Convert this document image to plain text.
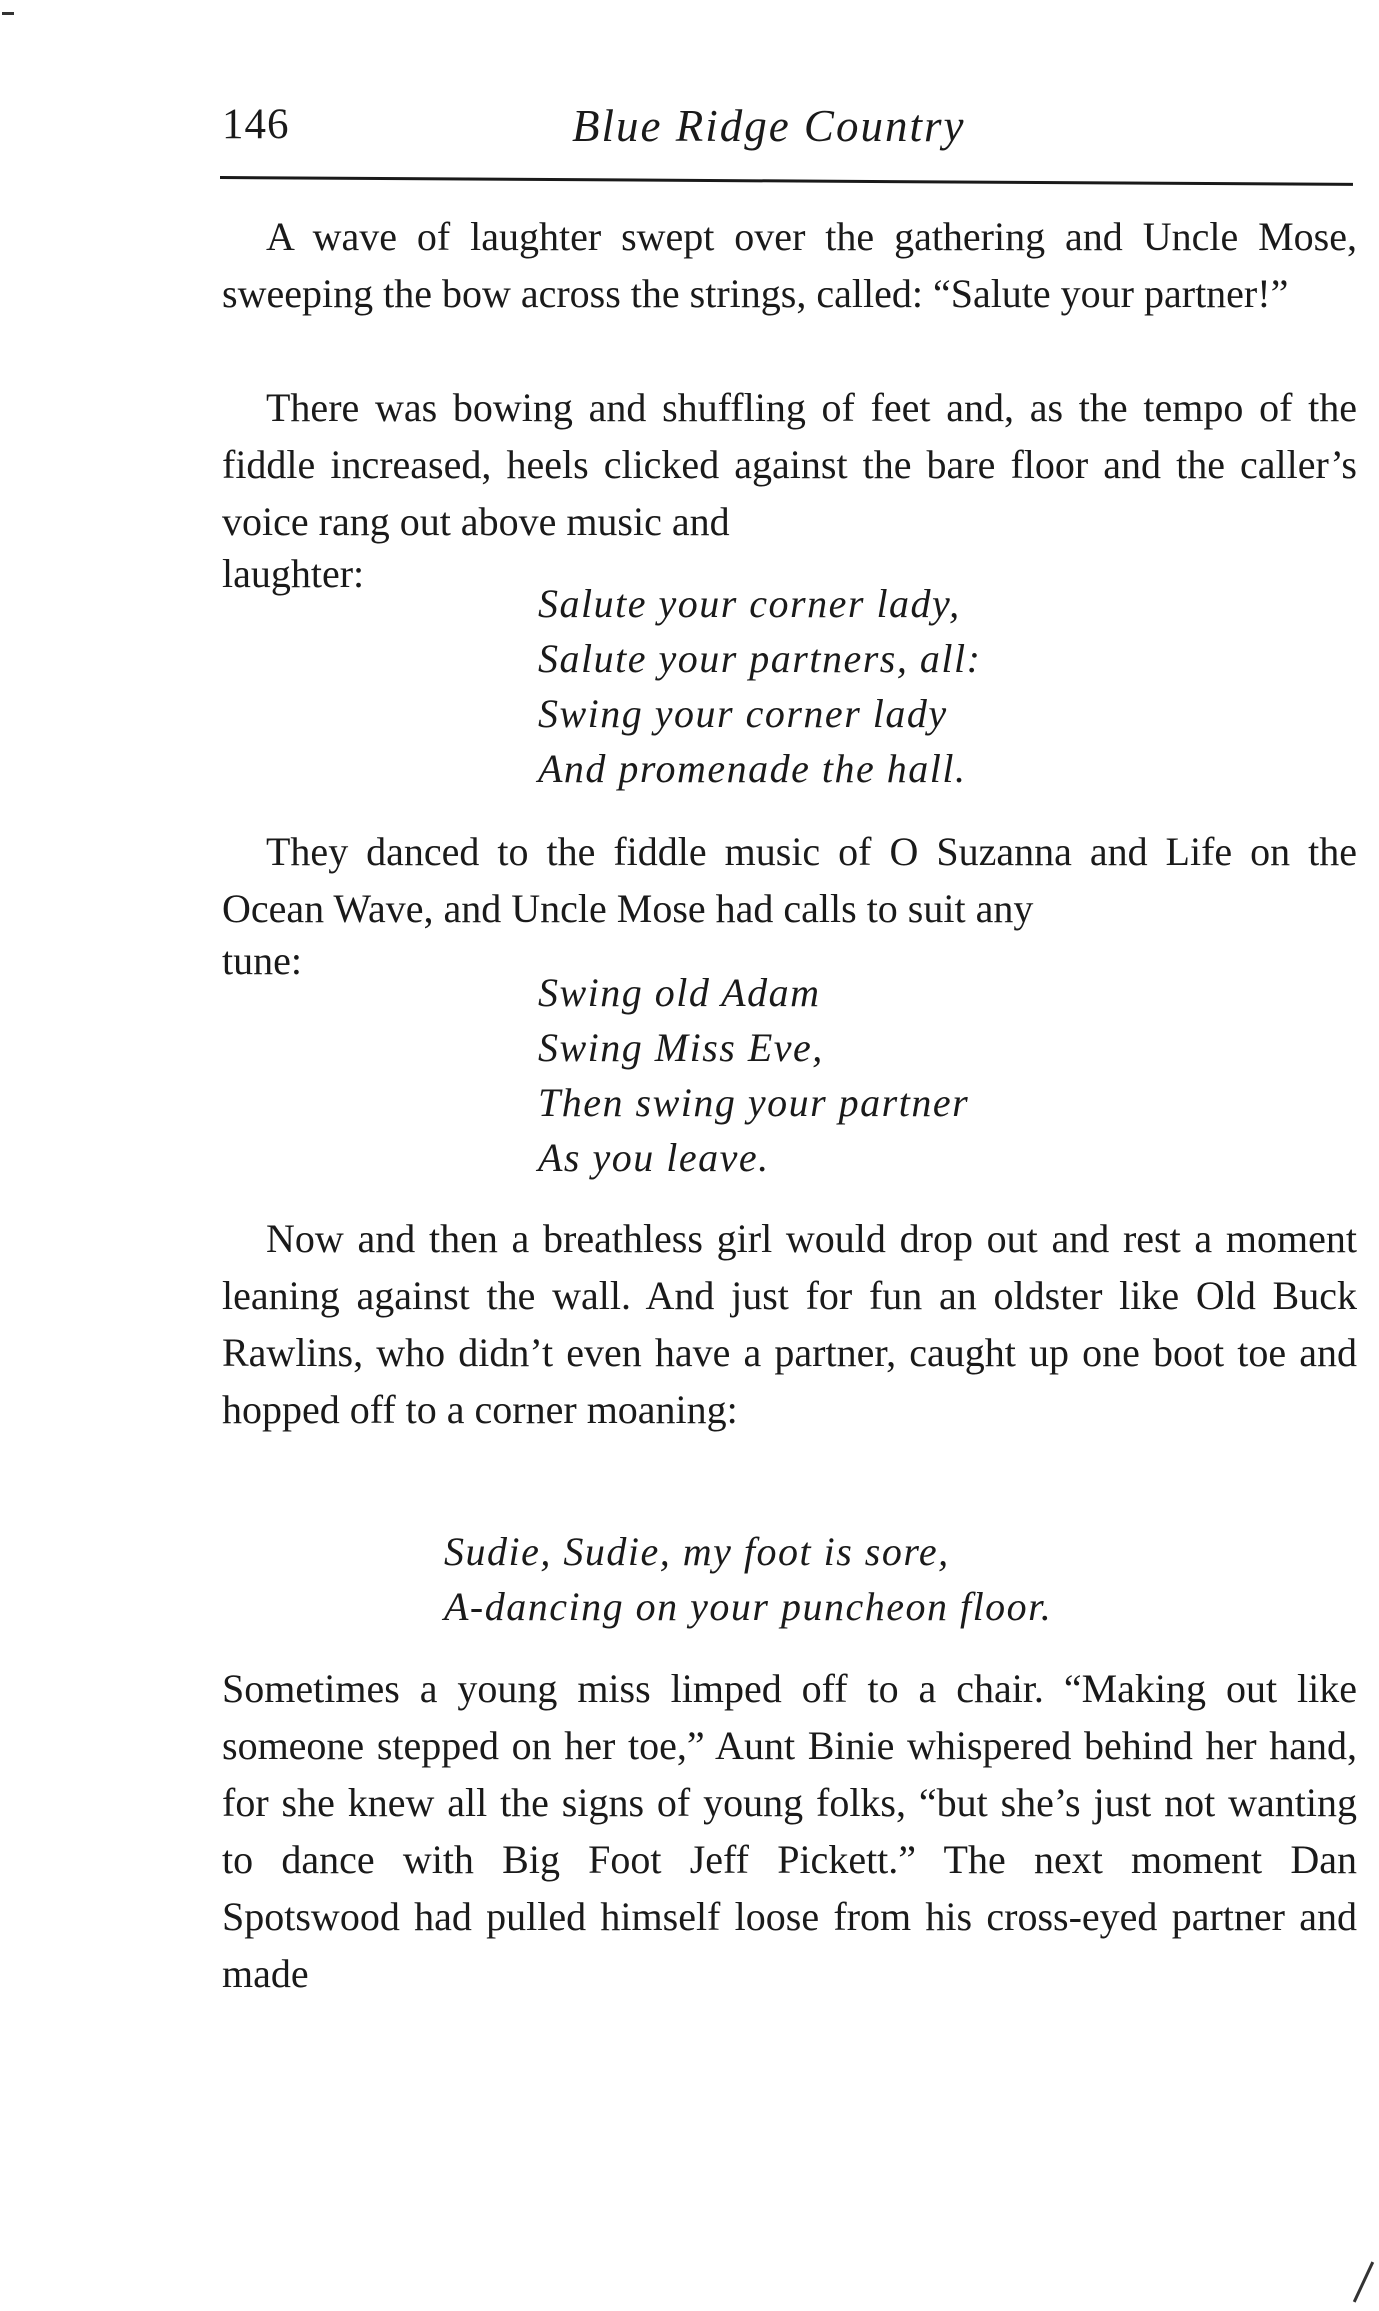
146	Blue Ridge Country

A wave of laughter swept over the gathering and Uncle Mose, sweeping the bow across the strings, called: “Salute your partner!”

There was bowing and shuffling of feet and, as the tempo of the fiddle increased, heels clicked against the bare floor and the caller’s voice rang out above music and

laughter:
Salute your corner lady,
Salute your partners, all:
Swing your corner lady
And promenade the hall.

They danced to the fiddle music of O Suzanna and Life on the Ocean Wave, and Uncle Mose had calls to suit any

tune:
Swing old Adam
Swing Miss Eve,
Then swing your partner
As you leave.

Now and then a breathless girl would drop out and rest a moment leaning against the wall. And just for fun an oldster like Old Buck Rawlins, who didn’t even have a partner, caught up one boot toe and hopped off to a corner moaning:

Sudie, Sudie, my foot is sore,
A-dancing on your puncheon floor.

Sometimes a young miss limped off to a chair. “Making out like someone stepped on her toe,” Aunt Binie whispered behind her hand, for she knew all the signs of young folks, “but she’s just not wanting to dance with Big Foot Jeff Pickett.” The next moment Dan Spotswood had pulled himself loose from his cross-eyed partner and made
